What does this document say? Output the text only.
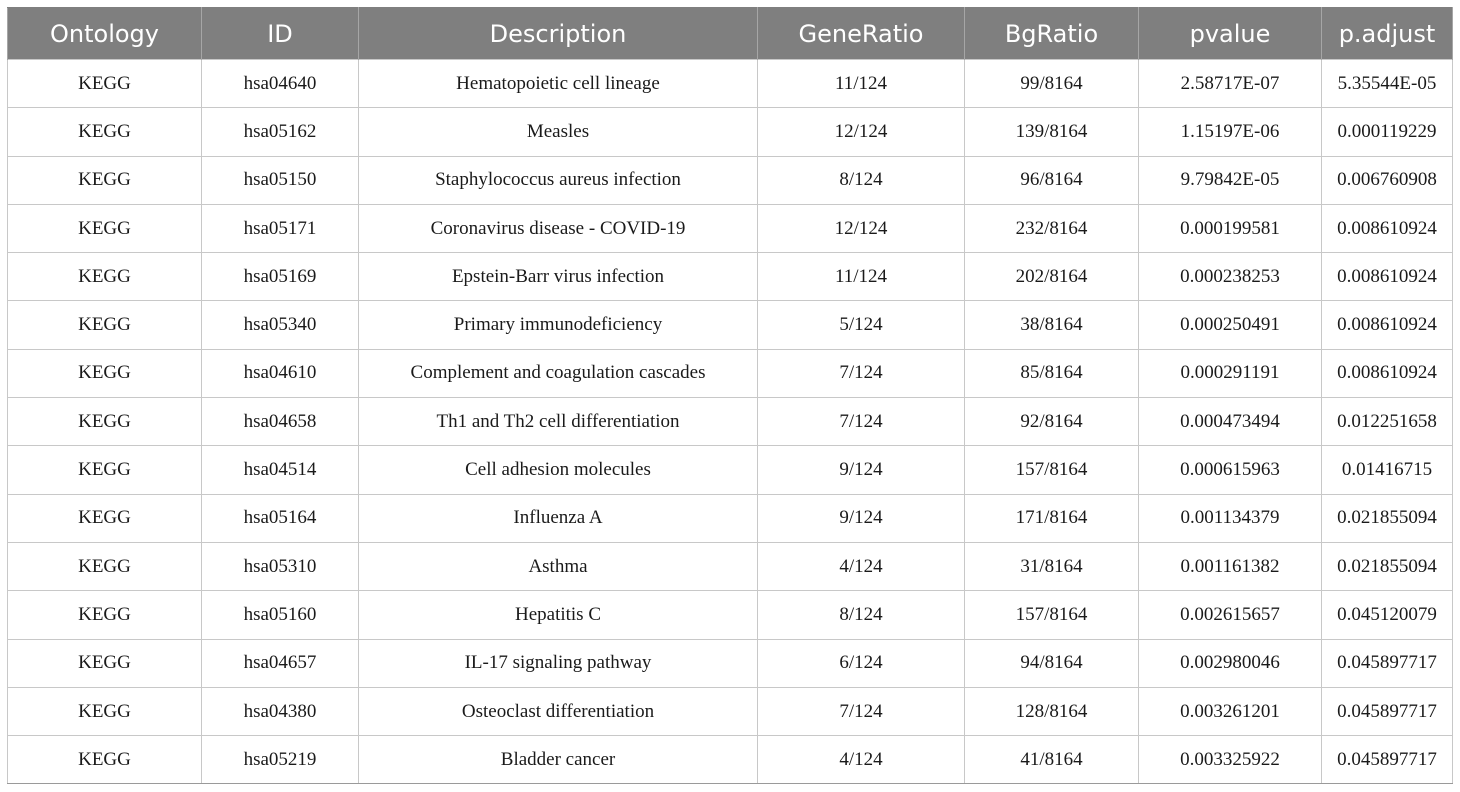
Ontology	ID	Description	GeneRatio	BgRatio	pvalue	p.adjust
KEGG	hsa04640	Hematopoietic cell lineage	11/124	99/8164	2.58717E-07	5.35544E-05
KEGG	hsa05162	Measles	12/124	139/8164	1.15197E-06	0.000119229
KEGG	hsa05150	Staphylococcus aureus infection	8/124	96/8164	9.79842E-05	0.006760908
KEGG	hsa05171	Coronavirus disease - COVID-19	12/124	232/8164	0.000199581	0.008610924
KEGG	hsa05169	Epstein-Barr virus infection	11/124	202/8164	0.000238253	0.008610924
KEGG	hsa05340	Primary immunodeficiency	5/124	38/8164	0.000250491	0.008610924
KEGG	hsa04610	Complement and coagulation cascades	7/124	85/8164	0.000291191	0.008610924
KEGG	hsa04658	Th1 and Th2 cell differentiation	7/124	92/8164	0.000473494	0.012251658
KEGG	hsa04514	Cell adhesion molecules	9/124	157/8164	0.000615963	0.01416715
KEGG	hsa05164	Influenza A	9/124	171/8164	0.001134379	0.021855094
KEGG	hsa05310	Asthma	4/124	31/8164	0.001161382	0.021855094
KEGG	hsa05160	Hepatitis C	8/124	157/8164	0.002615657	0.045120079
KEGG	hsa04657	IL-17 signaling pathway	6/124	94/8164	0.002980046	0.045897717
KEGG	hsa04380	Osteoclast differentiation	7/124	128/8164	0.003261201	0.045897717
KEGG	hsa05219	Bladder cancer	4/124	41/8164	0.003325922	0.045897717
